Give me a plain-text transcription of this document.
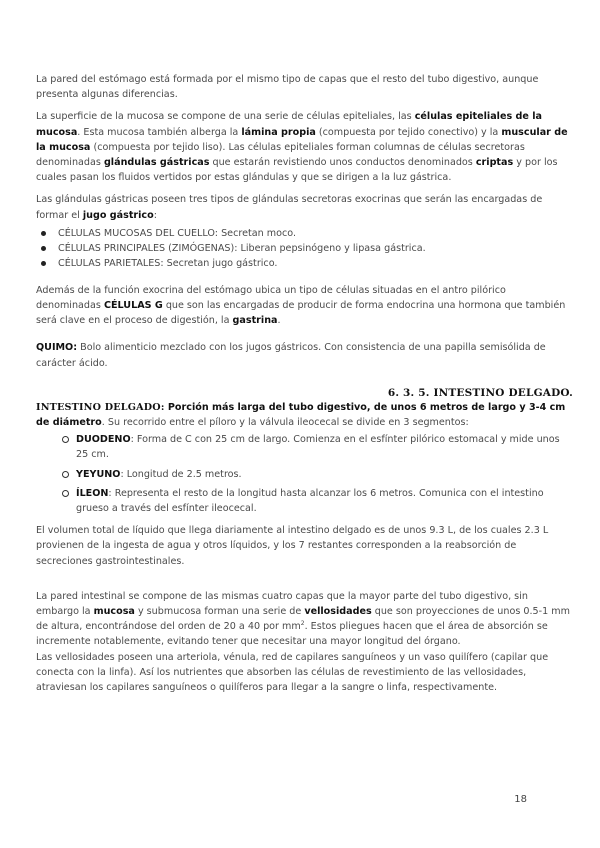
La pared del estómago está formada por el mismo tipo de capas que el resto del tubo digestivo, aunque presenta algunas diferencias.

La superficie de la mucosa se compone de una serie de células epiteliales, las células epiteliales de la mucosa. Esta mucosa también alberga la lámina propia (compuesta por tejido conectivo) y la muscular de la mucosa (compuesta por tejido liso). Las células epiteliales forman columnas de células secretoras denominadas glándulas gástricas que estarán revistiendo unos conductos denominados criptas y por los cuales pasan los fluidos vertidos por estas glándulas y que se dirigen a la luz gástrica.

Las glándulas gástricas poseen tres tipos de glándulas secretoras exocrinas que serán las encargadas de formar el jugo gástrico:

CÉLULAS MUCOSAS DEL CUELLO: Secretan moco.
CÉLULAS PRINCIPALES (ZIMÓGENAS): Liberan pepsinógeno y lipasa gástrica.
CÉLULAS PARIETALES: Secretan jugo gástrico.

Además de la función exocrina del estómago ubica un tipo de células situadas en el antro pilórico denominadas CÉLULAS G que son las encargadas de producir de forma endocrina una hormona que también será clave en el proceso de digestión, la gastrina.

QUIMO: Bolo alimenticio mezclado con los jugos gástricos. Con consistencia de una papilla semisólida de carácter ácido.

6. 3. 5. INTESTINO DELGADO.

INTESTINO DELGADO: Porción más larga del tubo digestivo, de unos 6 metros de largo y 3-4 cm de diámetro. Su recorrido entre el píloro y la válvula ileocecal se divide en 3 segmentos:

DUODENO: Forma de C con 25 cm de largo. Comienza en el esfínter pilórico estomacal y mide unos 25 cm.
YEYUNO: Longitud de 2.5 metros.
ÍLEON: Representa el resto de la longitud hasta alcanzar los 6 metros. Comunica con el intestino grueso a través del esfínter ileocecal.

El volumen total de líquido que llega diariamente al intestino delgado es de unos 9.3 L, de los cuales 2.3 L provienen de la ingesta de agua y otros líquidos, y los 7 restantes corresponden a la reabsorción de secreciones gastrointestinales.

La pared intestinal se compone de las mismas cuatro capas que la mayor parte del tubo digestivo, sin embargo la mucosa y submucosa forman una serie de vellosidades que son proyecciones de unos 0.5-1 mm de altura, encontrándose del orden de 20 a 40 por $mm^2$. Estos pliegues hacen que el área de absorción se incremente notablemente, evitando tener que necesitar una mayor longitud del órgano.

Las vellosidades poseen una arteriola, vénula, red de capilares sanguíneos y un vaso quilífero (capilar que conecta con la linfa). Así los nutrientes que absorben las células de revestimiento de las vellosidades, atraviesan los capilares sanguíneos o quilíferos para llegar a la sangre o linfa, respectivamente.

18
